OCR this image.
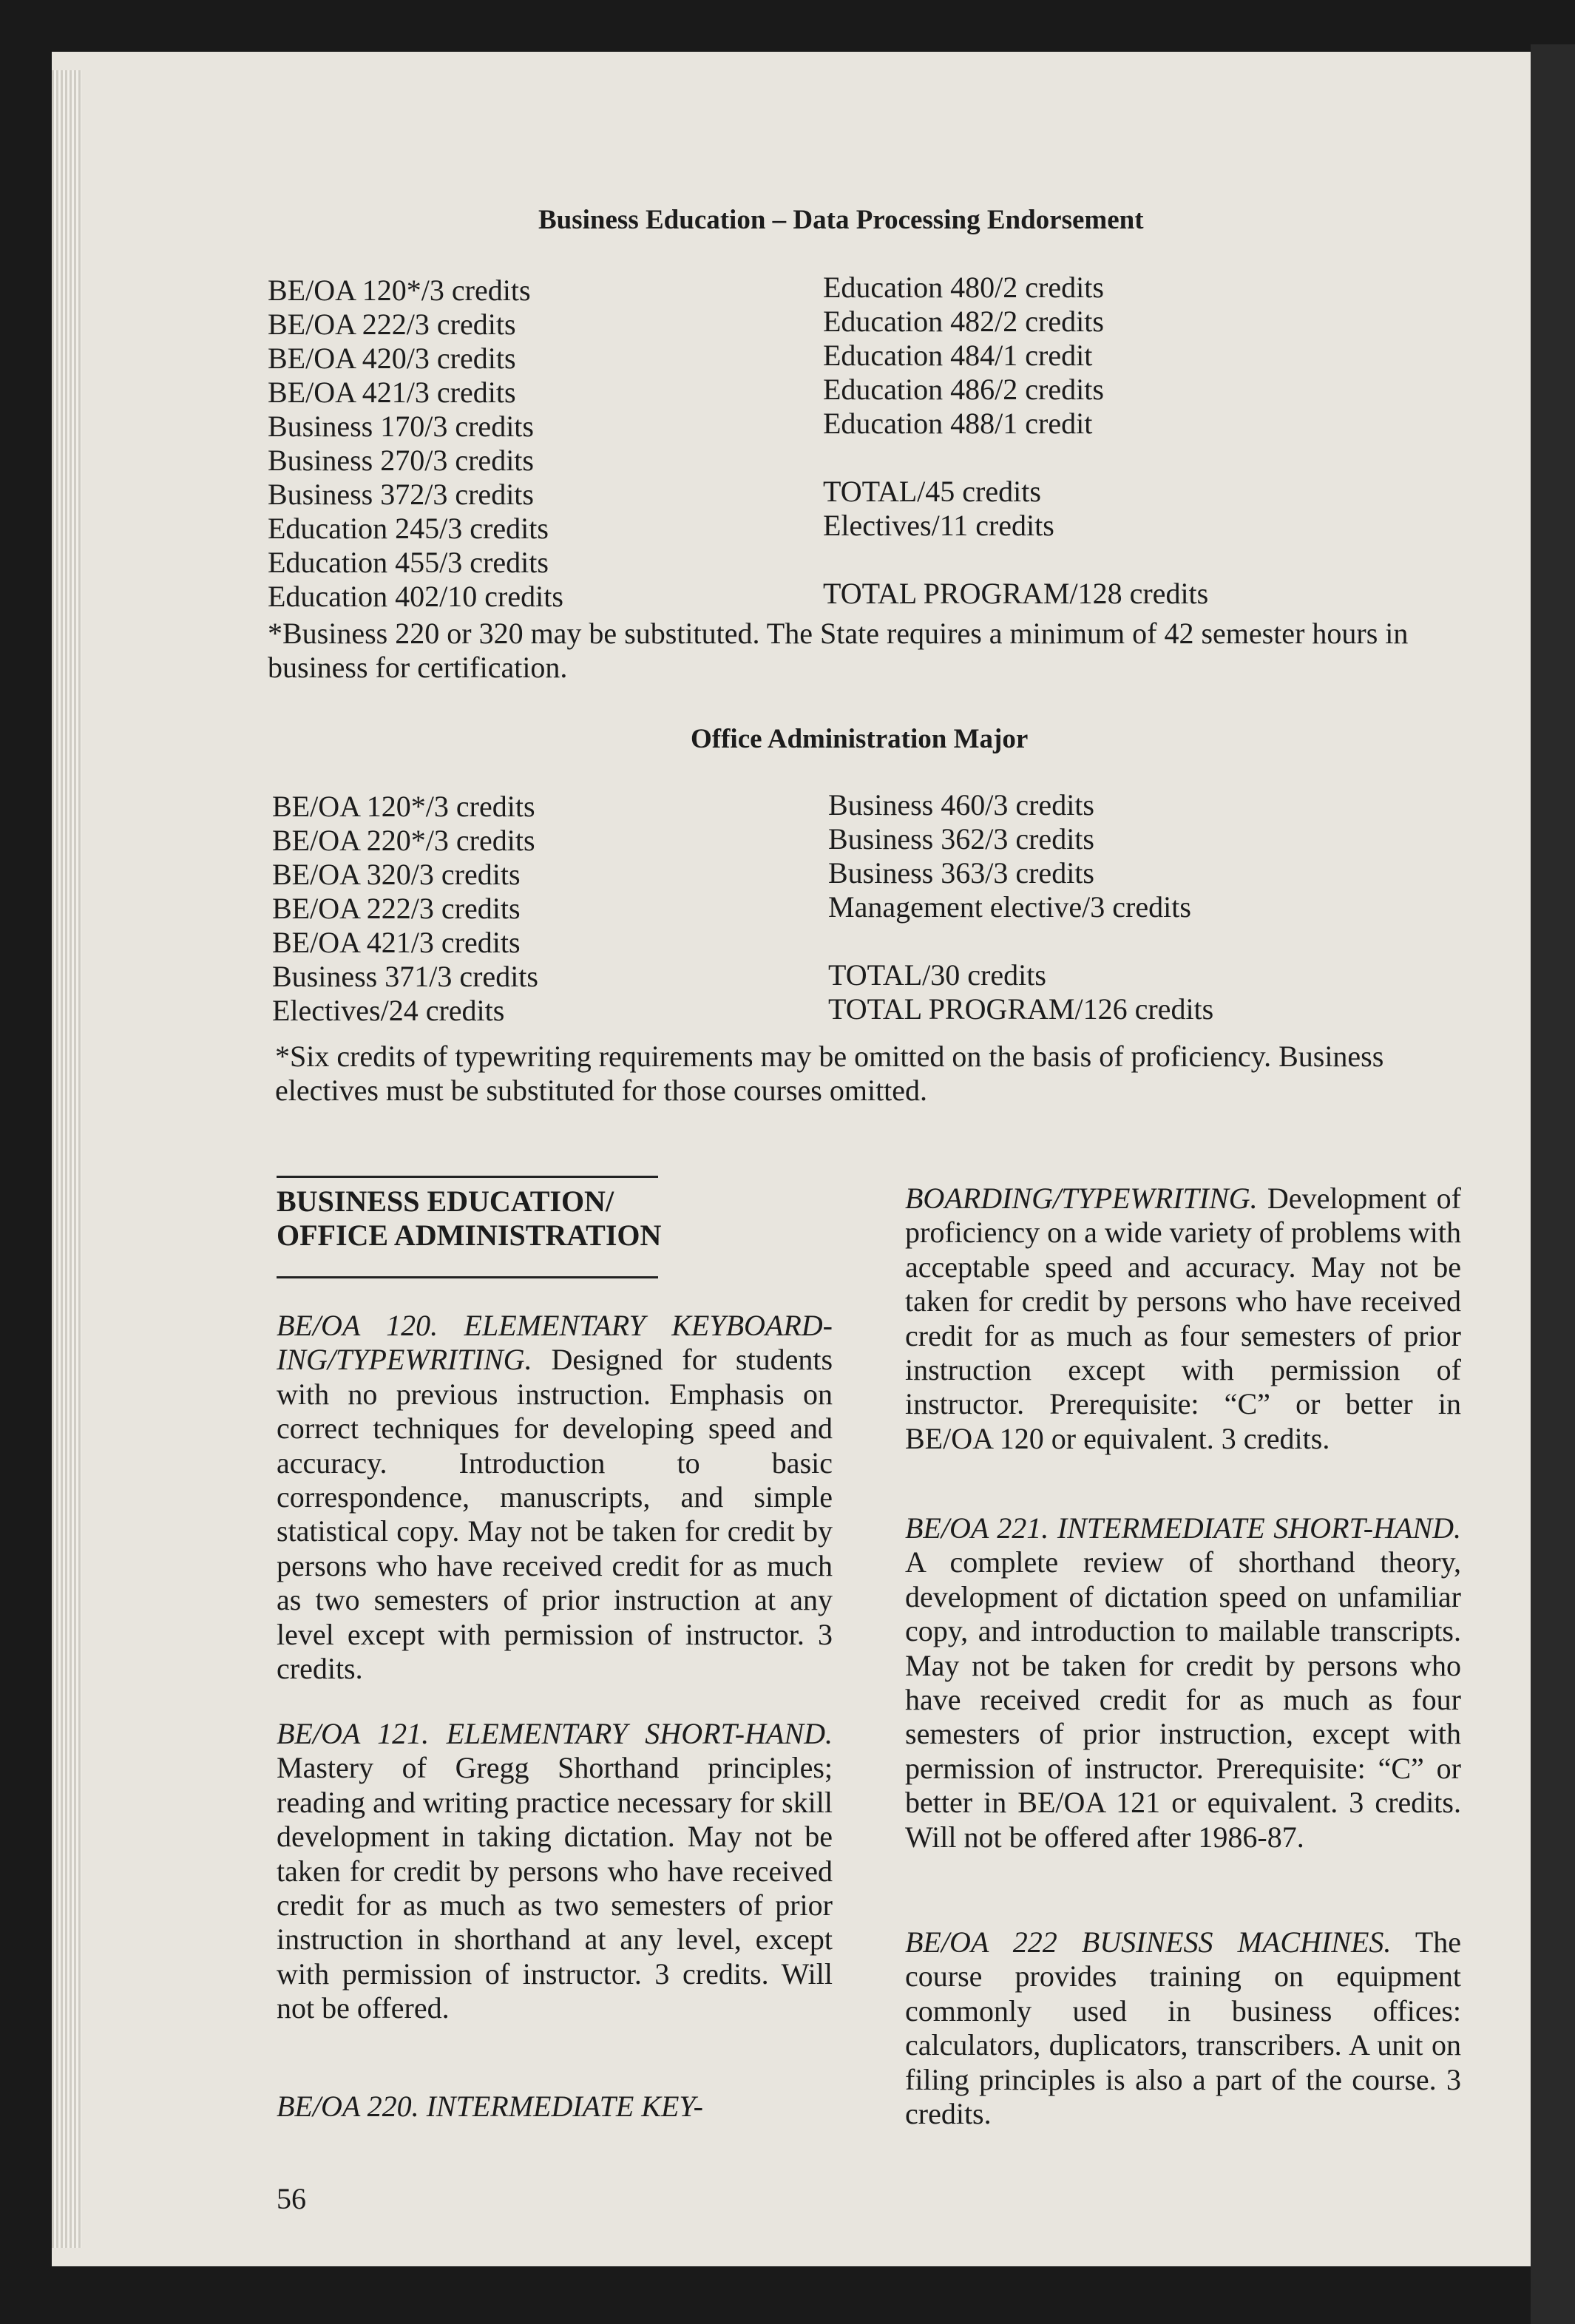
Business Education – Data Processing Endorsement
BE/OA 120*/3 credits
BE/OA 222/3 credits
BE/OA 420/3 credits
BE/OA 421/3 credits
Business 170/3 credits
Business 270/3 credits
Business 372/3 credits
Education 245/3 credits
Education 455/3 credits
Education 402/10 credits
Education 480/2 credits
Education 482/2 credits
Education 484/1 credit
Education 486/2 credits
Education 488/1 credit
TOTAL/45 credits
Electives/11 credits
TOTAL PROGRAM/128 credits
*Business 220 or 320 may be substituted. The State requires a minimum of 42 semester hours in business for certification.
Office Administration Major
BE/OA 120*/3 credits
BE/OA 220*/3 credits
BE/OA 320/3 credits
BE/OA 222/3 credits
BE/OA 421/3 credits
Business 371/3 credits
Electives/24 credits
Business 460/3 credits
Business 362/3 credits
Business 363/3 credits
Management elective/3 credits
TOTAL/30 credits
TOTAL PROGRAM/126 credits
*Six credits of typewriting requirements may be omitted on the basis of proficiency. Business electives must be substituted for those courses omitted.
BUSINESS EDUCATION/
OFFICE ADMINISTRATION
BE/OA 120. ELEMENTARY KEYBOARD-ING/TYPEWRITING. Designed for students with no previous instruction. Emphasis on correct techniques for developing speed and accuracy. Introduction to basic correspondence, manuscripts, and simple statistical copy. May not be taken for credit by persons who have received credit for as much as two semesters of prior instruction at any level except with permission of instructor. 3 credits.
BE/OA 121. ELEMENTARY SHORT-HAND. Mastery of Gregg Shorthand principles; reading and writing practice necessary for skill development in taking dictation. May not be taken for credit by persons who have received credit for as much as two semesters of prior instruction in shorthand at any level, except with permission of instructor. 3 credits. Will not be offered.
BE/OA 220. INTERMEDIATE KEY-
BOARDING/TYPEWRITING. Development of proficiency on a wide variety of problems with acceptable speed and accuracy. May not be taken for credit by persons who have received credit for as much as four semesters of prior instruction except with permission of instructor. Prerequisite: “C” or better in BE/OA 120 or equivalent. 3 credits.
BE/OA 221. INTERMEDIATE SHORT-HAND. A complete review of shorthand theory, development of dictation speed on unfamiliar copy, and introduction to mailable transcripts. May not be taken for credit by persons who have received credit for as much as four semesters of prior instruction, except with permission of instructor. Prerequisite: “C” or better in BE/OA 121 or equivalent. 3 credits. Will not be offered after 1986-87.
BE/OA 222 BUSINESS MACHINES. The course provides training on equipment commonly used in business offices: calculators, duplicators, transcribers. A unit on filing principles is also a part of the course. 3 credits.
56
